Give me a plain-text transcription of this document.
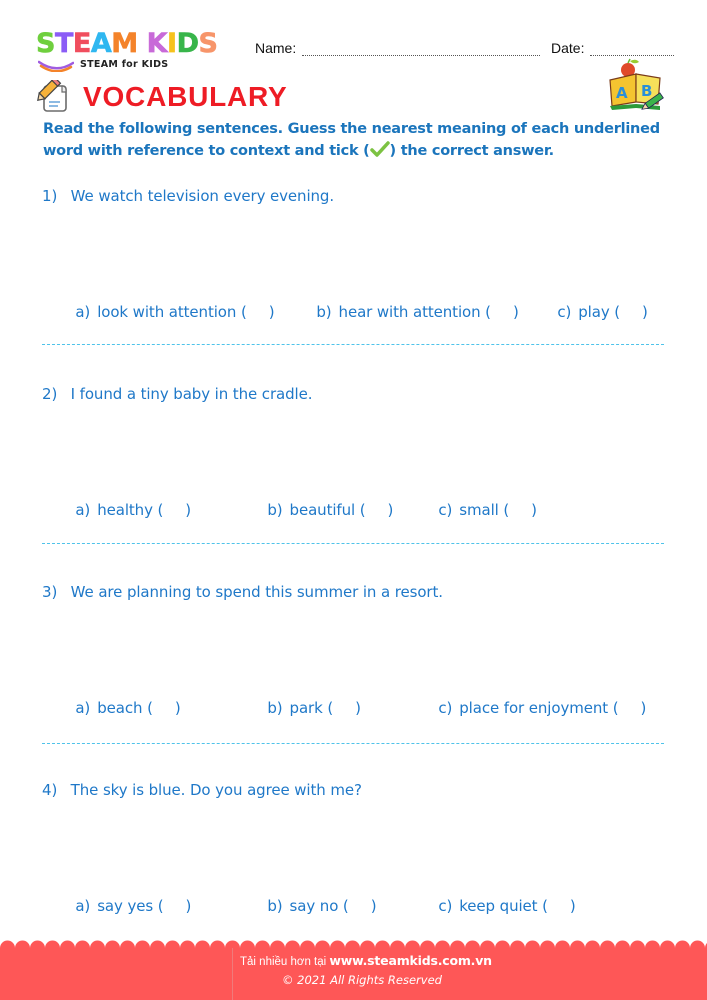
S T E A M K I D S
STEAM for KIDS
Name:	Date:
VOCABULARY	A B
Read the following sentences. Guess the nearest meaning of each underlined word with reference to context and tick ( ) the correct answer.
1) We watch television every evening.

a) look with attention ( )	b) hear with attention ( )	c) play ( )

2) I found a tiny baby in the cradle.

a) healthy ( )	b) beautiful ( )	c) small ( )

3) We are planning to spend this summer in a resort.

a) beach ( )	b) park ( )	c) place for enjoyment ( )

4) The sky is blue. Do you agree with me?

a) say yes ( )	b) say no ( )	c) keep quiet ( )

Tải nhiều hơn tại www.steamkids.com.vn
© 2021 All Rights Reserved
